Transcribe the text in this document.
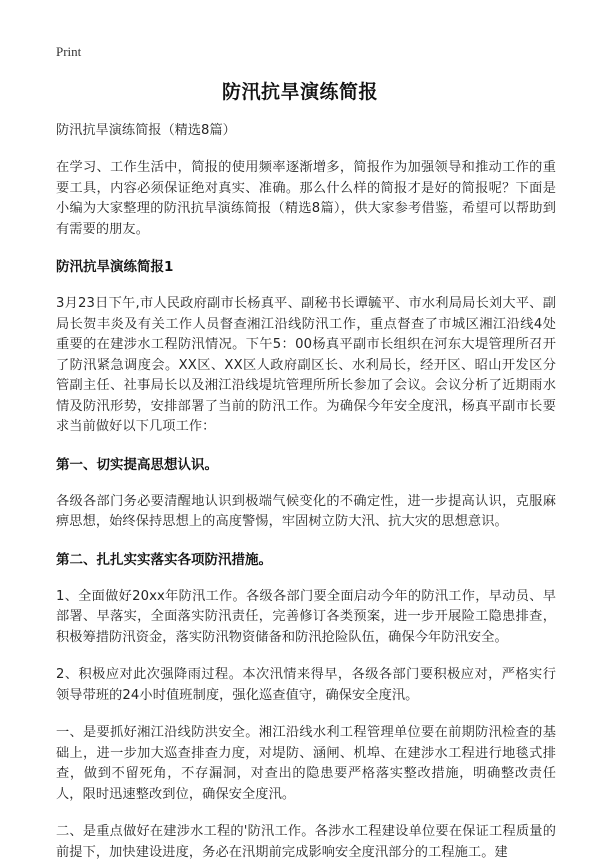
Print
防汛抗旱演练简报

防汛抗旱演练简报（精选8篇）

在学习、工作生活中，简报的使用频率逐渐增多，简报作为加强领导和推动工作的重要工具，内容必须保证绝对真实、准确。那么什么样的简报才是好的简报呢？下面是小编为大家整理的防汛抗旱演练简报（精选8篇），供大家参考借鉴，希望可以帮助到有需要的朋友。

防汛抗旱演练简报1

3月23日下午,市人民政府副市长杨真平、副秘书长谭毓平、市水利局局长刘大平、副局长贺丰炎及有关工作人员督查湘江沿线防汛工作，重点督查了市城区湘江沿线4处重要的在建涉水工程防汛情况。下午5：00杨真平副市长组织在河东大堤管理所召开了防汛紧急调度会。XX区、XX区人政府副区长、水利局长，经开区、昭山开发区分管副主任、社事局长以及湘江沿线堤坑管理所所长参加了会议。会议分析了近期雨水情及防汛形势，安排部署了当前的防汛工作。为确保今年安全度汛，杨真平副市长要求当前做好以下几项工作：

第一、切实提高思想认识。

各级各部门务必要清醒地认识到极端气候变化的不确定性，进一步提高认识，克服麻痹思想，始终保持思想上的高度警惕，牢固树立防大汛、抗大灾的思想意识。

第二、扎扎实实落实各项防汛措施。

1、全面做好20xx年防汛工作。各级各部门要全面启动今年的防汛工作，早动员、早部署、早落实，全面落实防汛责任，完善修订各类预案，进一步开展险工隐患排查，积极筹措防汛资金，落实防汛物资储备和防汛抢险队伍，确保今年防汛安全。

2、积极应对此次强降雨过程。本次汛情来得早，各级各部门要积极应对，严格实行领导带班的24小时值班制度，强化巡查值守，确保安全度汛。

一、是要抓好湘江沿线防洪安全。湘江沿线水利工程管理单位要在前期防汛检查的基础上，进一步加大巡查排查力度，对堤防、涵闸、机埠、在建涉水工程进行地毯式排查，做到不留死角，不存漏洞，对查出的隐患要严格落实整改措施，明确整改责任人，限时迅速整改到位，确保安全度汛。

二、是重点做好在建涉水工程的'防汛工作。各涉水工程建设单位要在保证工程质量的前提下，加快建设进度，务必在汛期前完成影响安全度汛部分的工程施工。建
